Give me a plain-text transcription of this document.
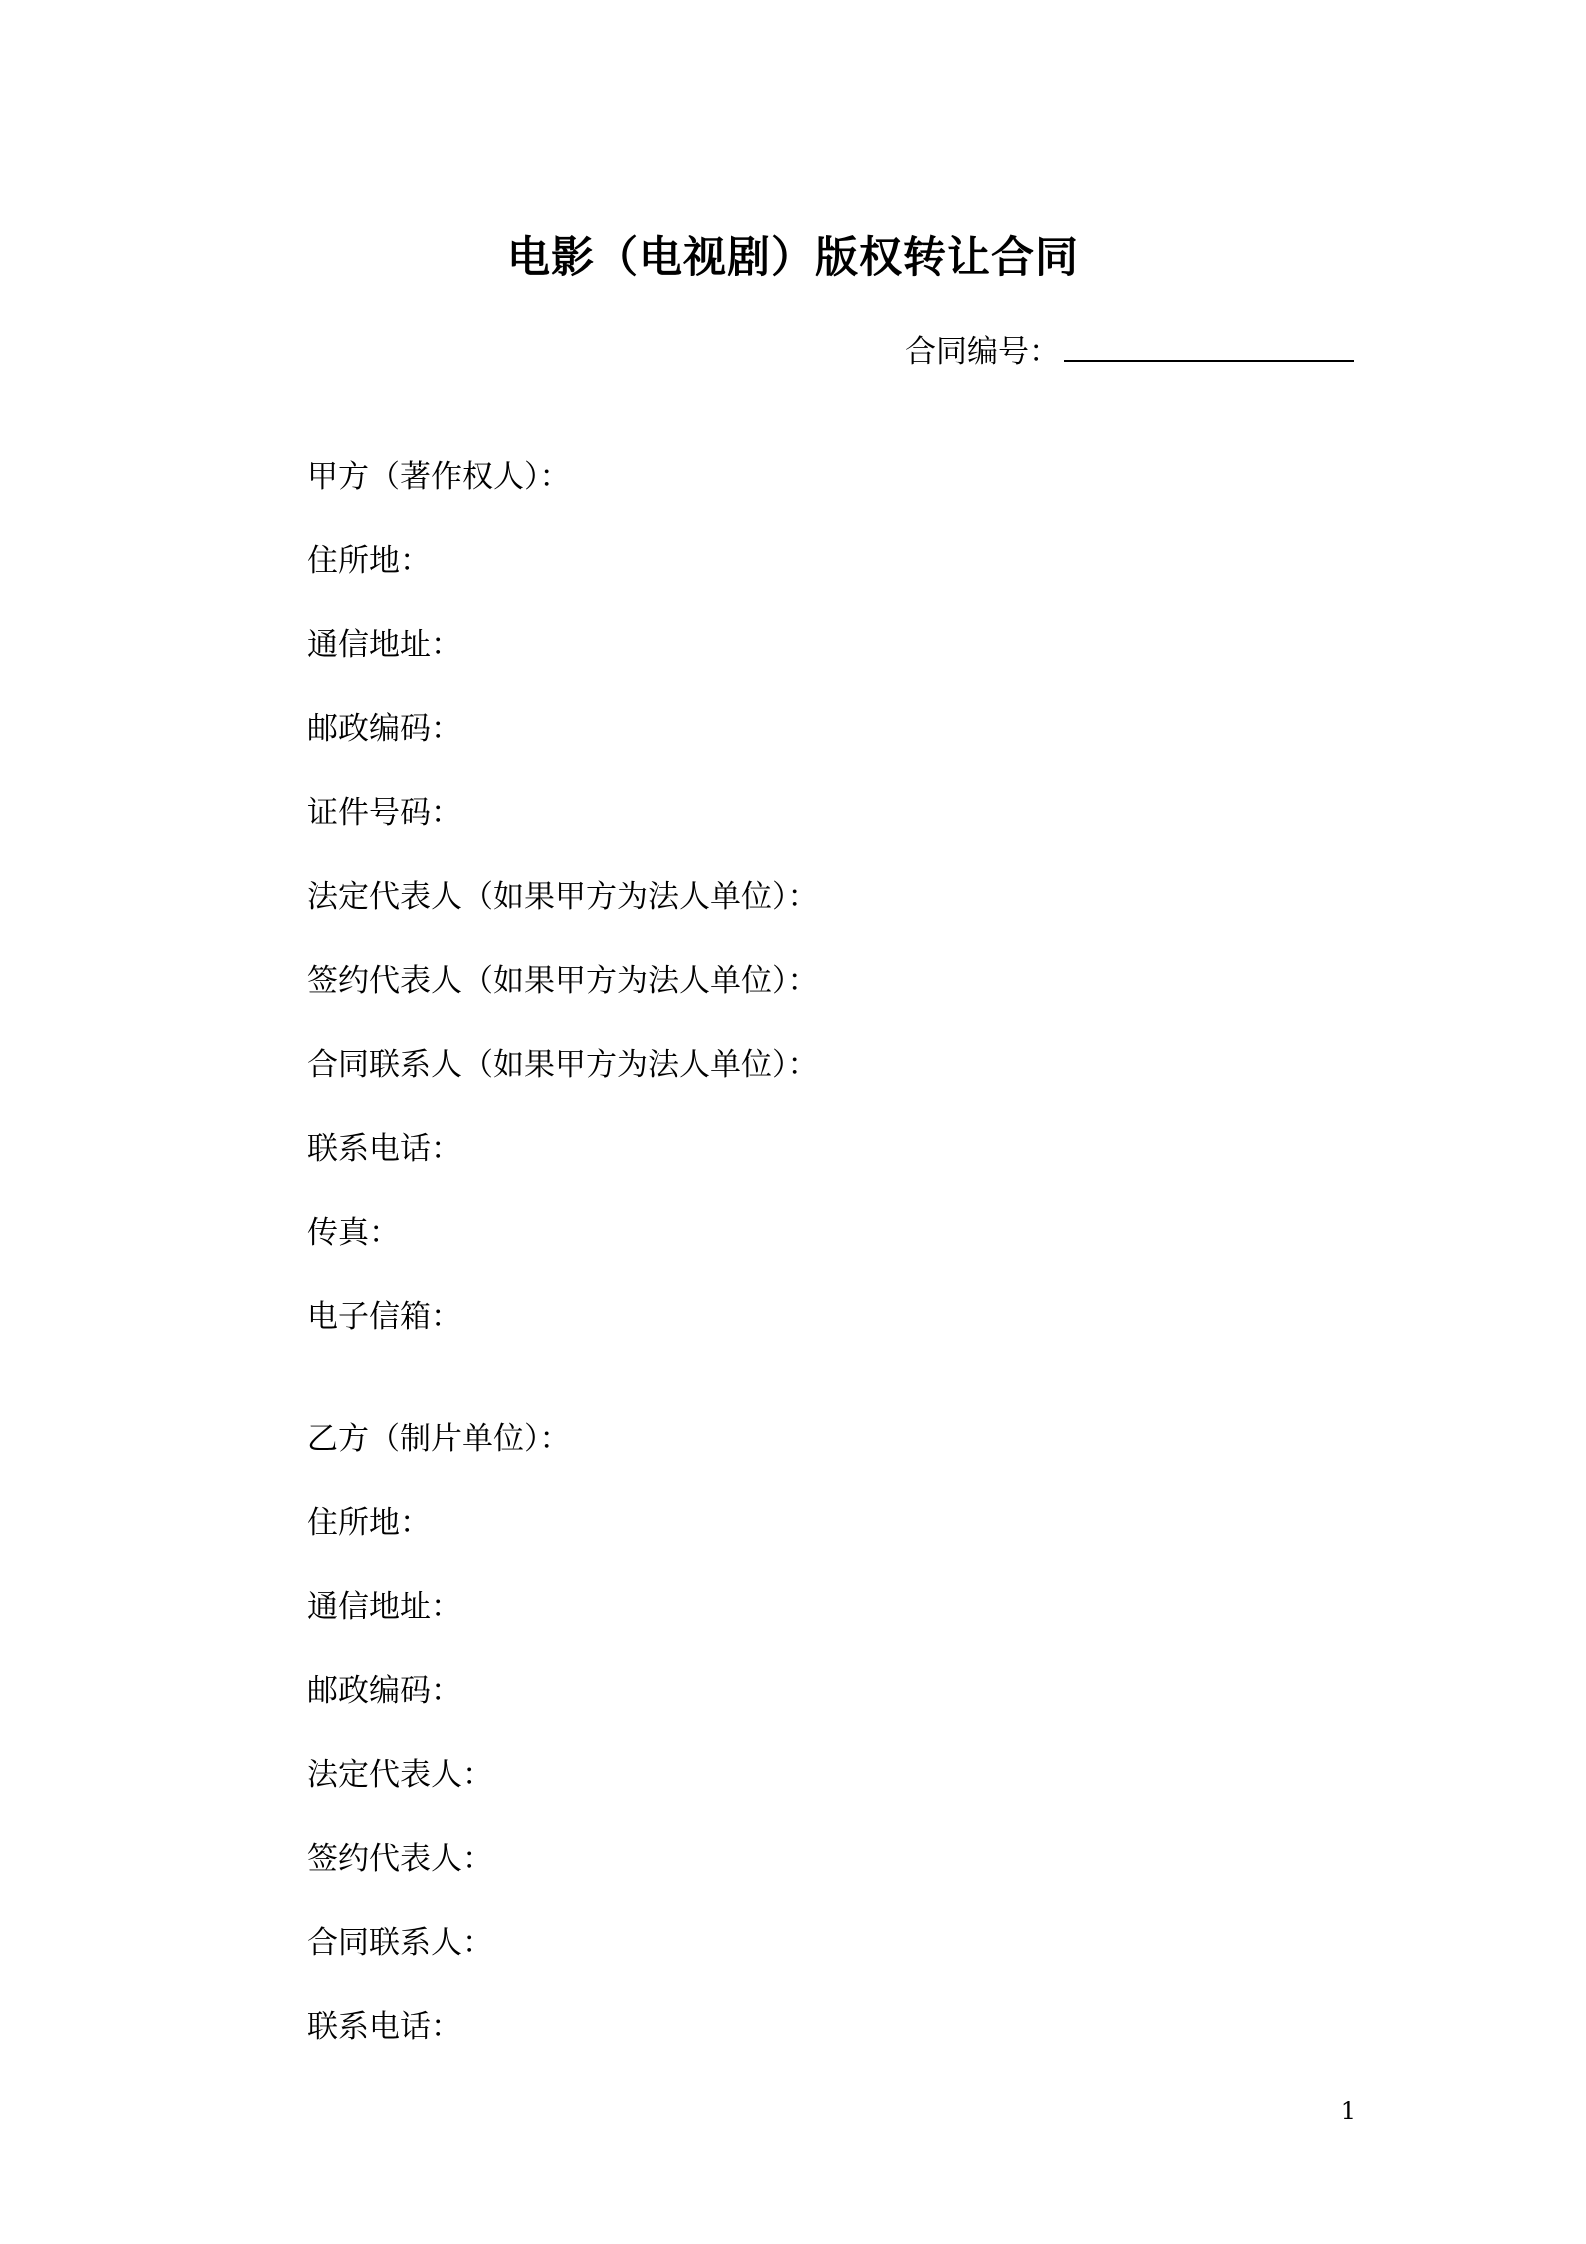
电影（电视剧）版权转让合同
合同编号：
甲方（著作权人）：
住所地：
通信地址：
邮政编码：
证件号码：
法定代表人（如果甲方为法人单位）：
签约代表人（如果甲方为法人单位）：
合同联系人（如果甲方为法人单位）：
联系电话：
传真：
电子信箱：
乙方（制片单位）：
住所地：
通信地址：
邮政编码：
法定代表人：
签约代表人：
合同联系人：
联系电话：
1
